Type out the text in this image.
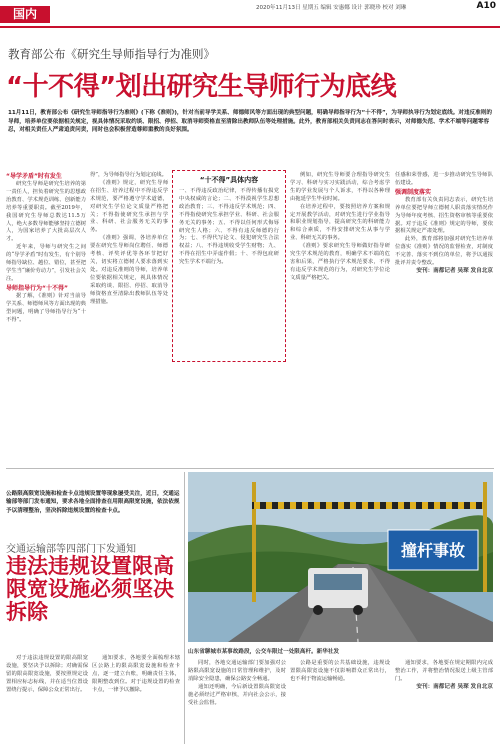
国内	2020年11月13日 星期五 编辑 安惠娜 设计 郭晓珍 校对 刘琳	A10
教育部公布《研究生导师指导行为准则》
“十不得”划出研究生导师行为底线
11月11日，教育部公布《研究生导师指导行为准则》(下称《准则》)，针对当前导学关系、师德师风等方面出现的典型问题，明确导师指导行为“十不得”，为导师执导行为划定底线。对违反准则的导师，培养单位要依据相关规定，视具体情况采取约谈、限招、停招、取消导师资格直至清除出教师队伍等处理措施。此外，教育部相关负责同志在答问时表示，对师德失范、学术不端等问题零容忍，对相关责任人严肃追责问责，同时也会积极营造尊师重教的良好氛围。

“导学矛盾”时有发生

研究生导师是研究生培养的第一责任人，担负着研究生的思想政治教育、学术规范训练、创新能力培养等重要职责。截至2019年，我国研究生导师总数达11.5万人，绝大多数导师能够坚持立德树人，为国家培养了大批高层次人才。

近年来，导师与研究生之间的“导学矛盾”时有发生，有个别导师指导缺位、越位、错位，甚至把学生当“廉价劳动力”，引发社会关注。

导师指导行为“十不得”

据了解，《准则》针对当前导学关系、师德师风等方面出现的典型问题，明确了导师指导行为“十不得”。

得”，为导师指导行为划定底线。

《准则》规定，研究生导师在招生、培养过程中不得违反学术规范，要严格遵守学术道德，对研究生学位论文质量严格把关；不得指使研究生承担与学业、科研、社会服务无关的事务。

《准则》强调，各培养单位要在研究生导师岗位聘任、师德考核、评奖评优等各环节把好关，切实将立德树人要求落到实处。对违反准则的导师，培养单位要依据相关规定，视具体情况采取约谈、限招、停招、取消导师资格直至清除出教师队伍等处理措施。

“十不得”具体内容
一、不得违反政治纪律，不得传播有损党中央权威的言论；二、不得漠视学生思想政治教育；三、不得违反学术规范；四、不得指使研究生承担学业、科研、社会服务无关的事务；五、不得以任何形式侮辱研究生人格；六、不得有违反师德的行为；七、不得代写论文、侵犯研究生合法权益；八、不得违规收受学生财物；九、不得在招生中弄虚作假；十、不得包庇研究生学术不端行为。

例如，研究生导师要合理指导研究生学习、科研与实习实践活动，综合考虑学生的学业发展与个人诉求，不得以各种理由拖延学生毕业时间。

在培养过程中，要按照培养方案和规定开展教学活动，对研究生进行学业指导和职业规划指导，提高研究生的科研能力和综合素质，不得安排研究生从事与学业、科研无关的事务。

《准则》要求研究生导师做好指导研究生学术规范的教育，明确学术不端的危害和后果，严格执行学术规范要求，不得有违反学术规范的行为，对研究生学位论文质量严格把关。

任感和荣誉感，进一步推动研究生导师队伍建设。

强调制度落实

教育部有关负责同志表示，研究生培养单位要把导师立德树人职责落实情况作为导师年度考核、招生资格审核等重要依据。对于违反《准则》规定的导师，要依据相关规定严肃处理。

此外，教育部将加强对研究生培养单位落实《准则》情况的监督检查，对制度不完善、落实不到位的单位，将予以通报批评并责令整改。

安刊：南都记者 吴琛 发自北京
公路限高限宽设施和检查卡点违规设置等现象屡受关注，近日，交通运输部等部门发布通知，要求各地全面排查在用限高限宽设施，依法依规予以清理整治，坚决拆除违规设置的检查卡点。
交通运输部等四部门下发通知
违法违规设置限高限宽设施必须坚决拆除
撞杆事故
山东省聊城市某事故路段，公交车限过一处限高杆。新华社发

对于违法违规设置的限高限宽设施，要坚决予以拆除；对确需保留的限高限宽设施，要按照规定设置相应标志标线，并在适当位置设置绕行提示，保障公众正常出行。

通知要求，各地要全面梳理本辖区公路上的限高限宽设施和检查卡点，逐一建立台账，明确责任主体，限期整改到位。对于违规设置的检查卡点，一律予以撤除。

同时，各地交通运输部门要加强对公路限高限宽设施的日常管理和维护，及时消除安全隐患，确保公路安全畅通。

通知还明确，今后新设置限高限宽设施必须经过严格审核，并向社会公示，接受社会监督。

公路是重要的公共基础设施，违规设置限高限宽设施不仅影响群众正常出行，也不利于物流运输畅通。

通知要求，各地要在规定期限内完成整治工作，并将整治情况报送上级主管部门。

安刊：南都记者 吴琛 发自北京
